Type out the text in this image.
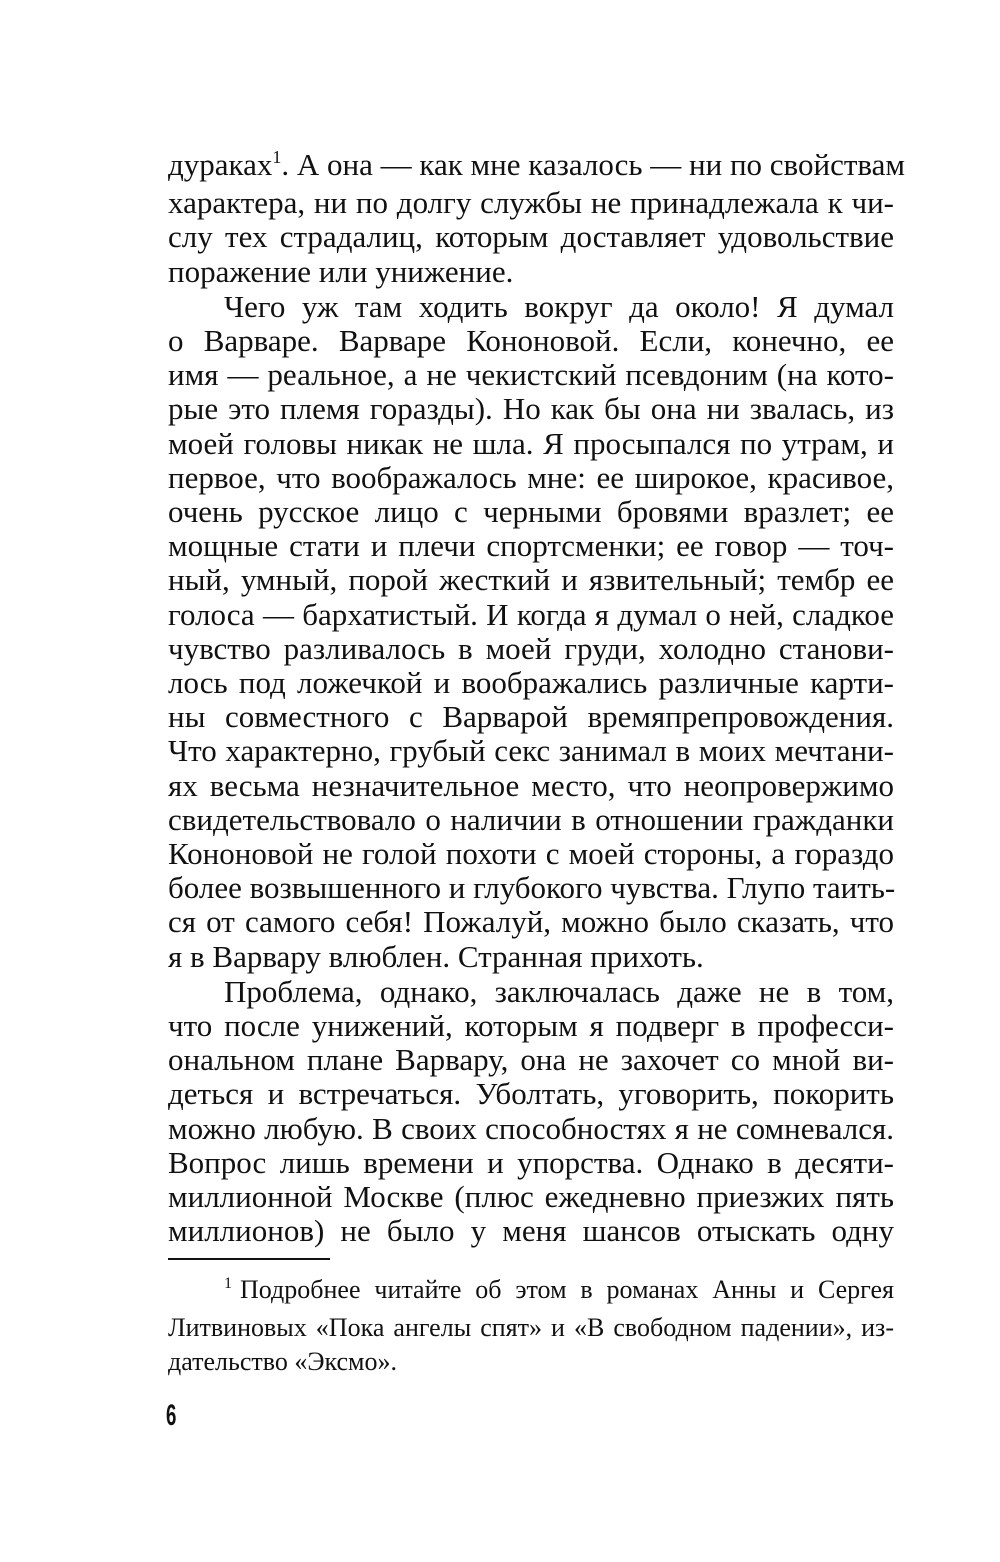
дураках$^1$. А она — как мне казалось — ни по свойствам
характера, ни по долгу службы не принадлежала к чи-
слу тех страдалиц, которым доставляет удовольствие
поражение или унижение.
Чего уж там ходить вокруг да около! Я думал
о Варваре. Варваре Кононовой. Если, конечно, ее
имя — реальное, а не чекистский псевдоним (на кото-
рые это племя горазды). Но как бы она ни звалась, из
моей головы никак не шла. Я просыпался по утрам, и
первое, что воображалось мне: ее широкое, красивое,
очень русское лицо с черными бровями вразлет; ее
мощные стати и плечи спортсменки; ее говор — точ-
ный, умный, порой жесткий и язвительный; тембр ее
голоса — бархатистый. И когда я думал о ней, сладкое
чувство разливалось в моей груди, холодно станови-
лось под ложечкой и воображались различные карти-
ны совместного с Варварой времяпрепровождения.
Что характерно, грубый секс занимал в моих мечтани-
ях весьма незначительное место, что неопровержимо
свидетельствовало о наличии в отношении гражданки
Кононовой не голой похоти с моей стороны, а гораздо
более возвышенного и глубокого чувства. Глупо таить-
ся от самого себя! Пожалуй, можно было сказать, что
я в Варвару влюблен. Странная прихоть.
Проблема, однако, заключалась даже не в том,
что после унижений, которым я подверг в професси-
ональном плане Варвару, она не захочет со мной ви-
деться и встречаться. Уболтать, уговорить, покорить
можно любую. В своих способностях я не сомневался.
Вопрос лишь времени и упорства. Однако в десяти-
миллионной Москве (плюс ежедневно приезжих пять
миллионов) не было у меня шансов отыскать одну
$^1$ Подробнее читайте об этом в романах Анны и Сергея
Литвиновых «Пока ангелы спят» и «В свободном падении», из-
дательство «Эксмо».
6
